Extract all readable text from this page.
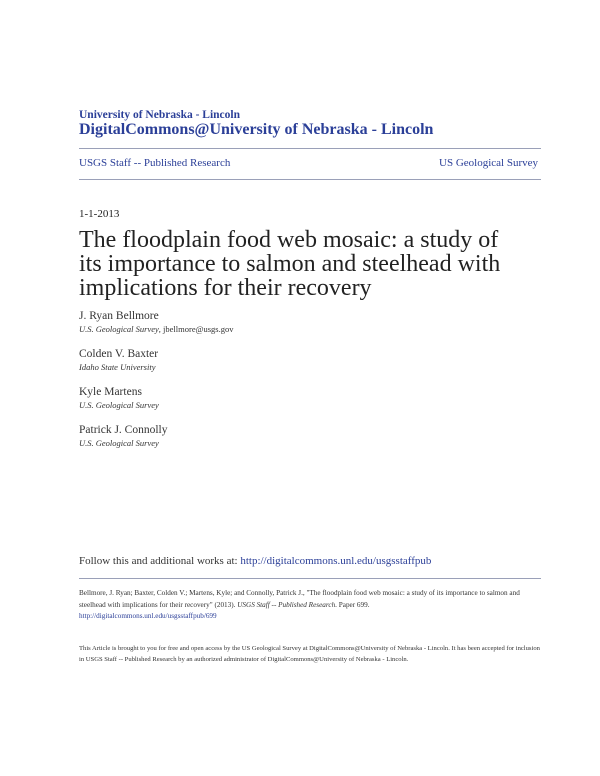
University of Nebraska - Lincoln
DigitalCommons@University of Nebraska - Lincoln
USGS Staff -- Published Research	US Geological Survey
1-1-2013
The floodplain food web mosaic: a study of its importance to salmon and steelhead with implications for their recovery
J. Ryan Bellmore
U.S. Geological Survey, jbellmore@usgs.gov
Colden V. Baxter
Idaho State University
Kyle Martens
U.S. Geological Survey
Patrick J. Connolly
U.S. Geological Survey
Follow this and additional works at: http://digitalcommons.unl.edu/usgsstaffpub
Bellmore, J. Ryan; Baxter, Colden V.; Martens, Kyle; and Connolly, Patrick J., "The floodplain food web mosaic: a study of its importance to salmon and steelhead with implications for their recovery" (2013). USGS Staff -- Published Research. Paper 699.
http://digitalcommons.unl.edu/usgsstaffpub/699
This Article is brought to you for free and open access by the US Geological Survey at DigitalCommons@University of Nebraska - Lincoln. It has been accepted for inclusion in USGS Staff -- Published Research by an authorized administrator of DigitalCommons@University of Nebraska - Lincoln.
